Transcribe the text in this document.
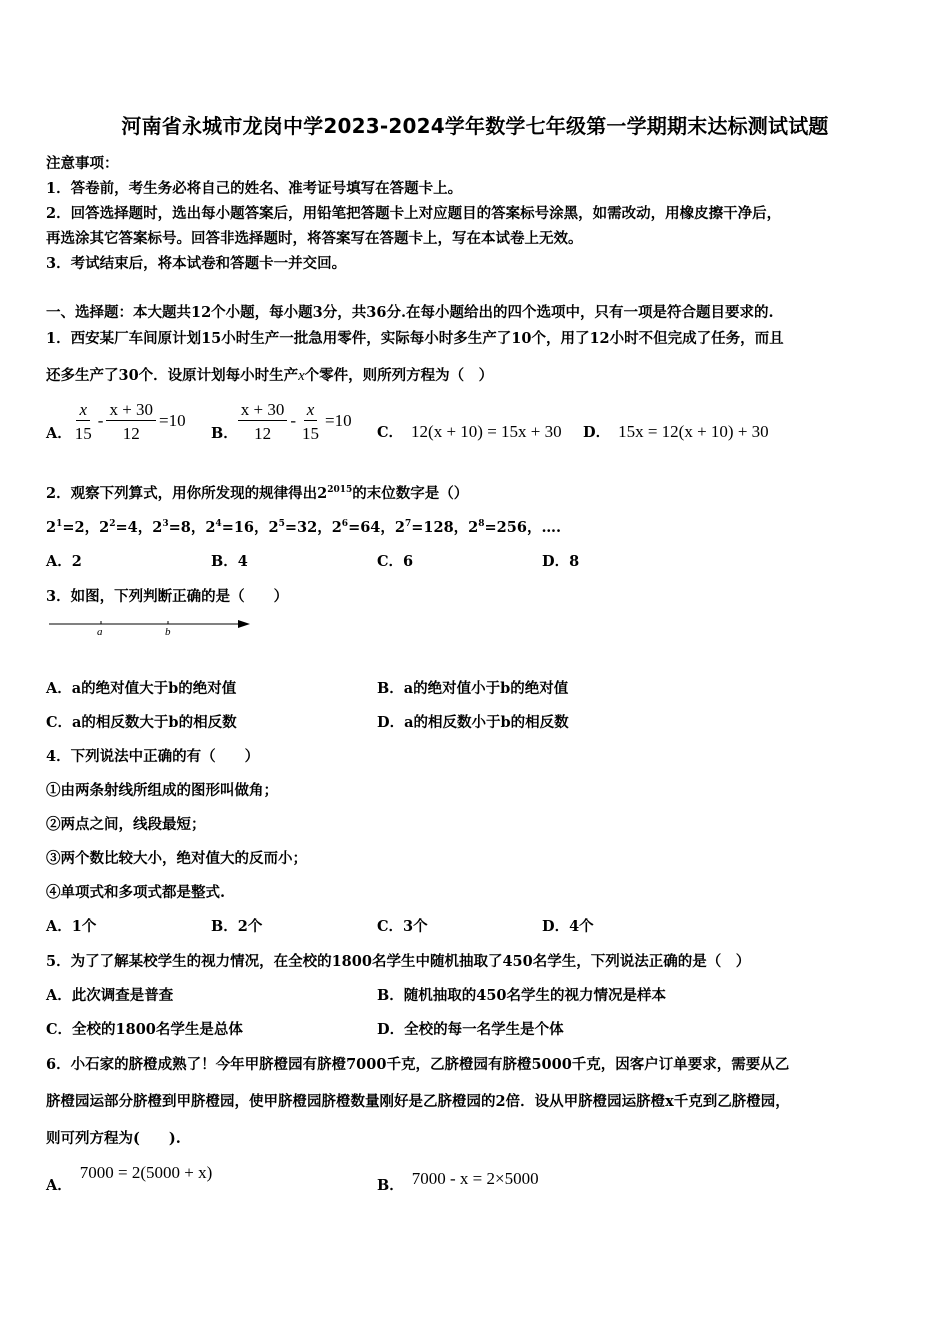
河南省永城市龙岗中学2023-2024学年数学七年级第一学期期末达标测试试题
注意事项：
1．答卷前，考生务必将自己的姓名、准考证号填写在答题卡上。
2．回答选择题时，选出每小题答案后，用铅笔把答题卡上对应题目的答案标号涂黑，如需改动，用橡皮擦干净后，
再选涂其它答案标号。回答非选择题时，将答案写在答题卡上，写在本试卷上无效。
3．考试结束后，将本试卷和答题卡一并交回。
一、选择题：本大题共12个小题，每小题3分，共36分.在每小题给出的四个选项中，只有一项是符合题目要求的.
1．西安某厂车间原计划15小时生产一批急用零件，实际每小时多生产了10个，用了12小时不但完成了任务，而且
还多生产了30个．设原计划每小时生产x个零件，则所列方程为（　）
A． $\frac{x}{15} - \frac{x + 30}{12} =10$
B． $\frac{x + 30}{12} - \frac{x}{15} =10$
C． 12(x + 10) = 15x + 30 D． 15x = 12(x + 10) + 30
2．观察下列算式，用你所发现的规律得出$2^{2015}$的末位数字是（）
$2^1=2$，$2^2=4$，$2^3=8$，$2^4=16$，$2^5=32$，$2^6=64$，$2^7=128$，$2^8=256$，….
A．2	B．4	C．6	D．8
3．如图，下列判断正确的是（　　）
a	b
A．a的绝对值大于b的绝对值	B．a的绝对值小于b的绝对值
C．a的相反数大于b的相反数	D．a的相反数小于b的相反数
4．下列说法中正确的有（　　）
①由两条射线所组成的图形叫做角；
②两点之间，线段最短；
③两个数比较大小，绝对值大的反而小；
④单项式和多项式都是整式.
A．1个	B．2个	C．3个	D．4个
5．为了了解某校学生的视力情况，在全校的1800名学生中随机抽取了450名学生，下列说法正确的是（　）
A．此次调查是普查	B．随机抽取的450名学生的视力情况是样本
C．全校的1800名学生是总体	D．全校的每一名学生是个体
6．小石家的脐橙成熟了！今年甲脐橙园有脐橙7000千克，乙脐橙园有脐橙5000千克，因客户订单要求，需要从乙
脐橙园运部分脐橙到甲脐橙园，使甲脐橙园脐橙数量刚好是乙脐橙园的2倍．设从甲脐橙园运脐橙x千克到乙脐橙园，
则可列方程为(　　).
A．7000 = 2(5000 + x)
B． 7000 - x = 2×5000
